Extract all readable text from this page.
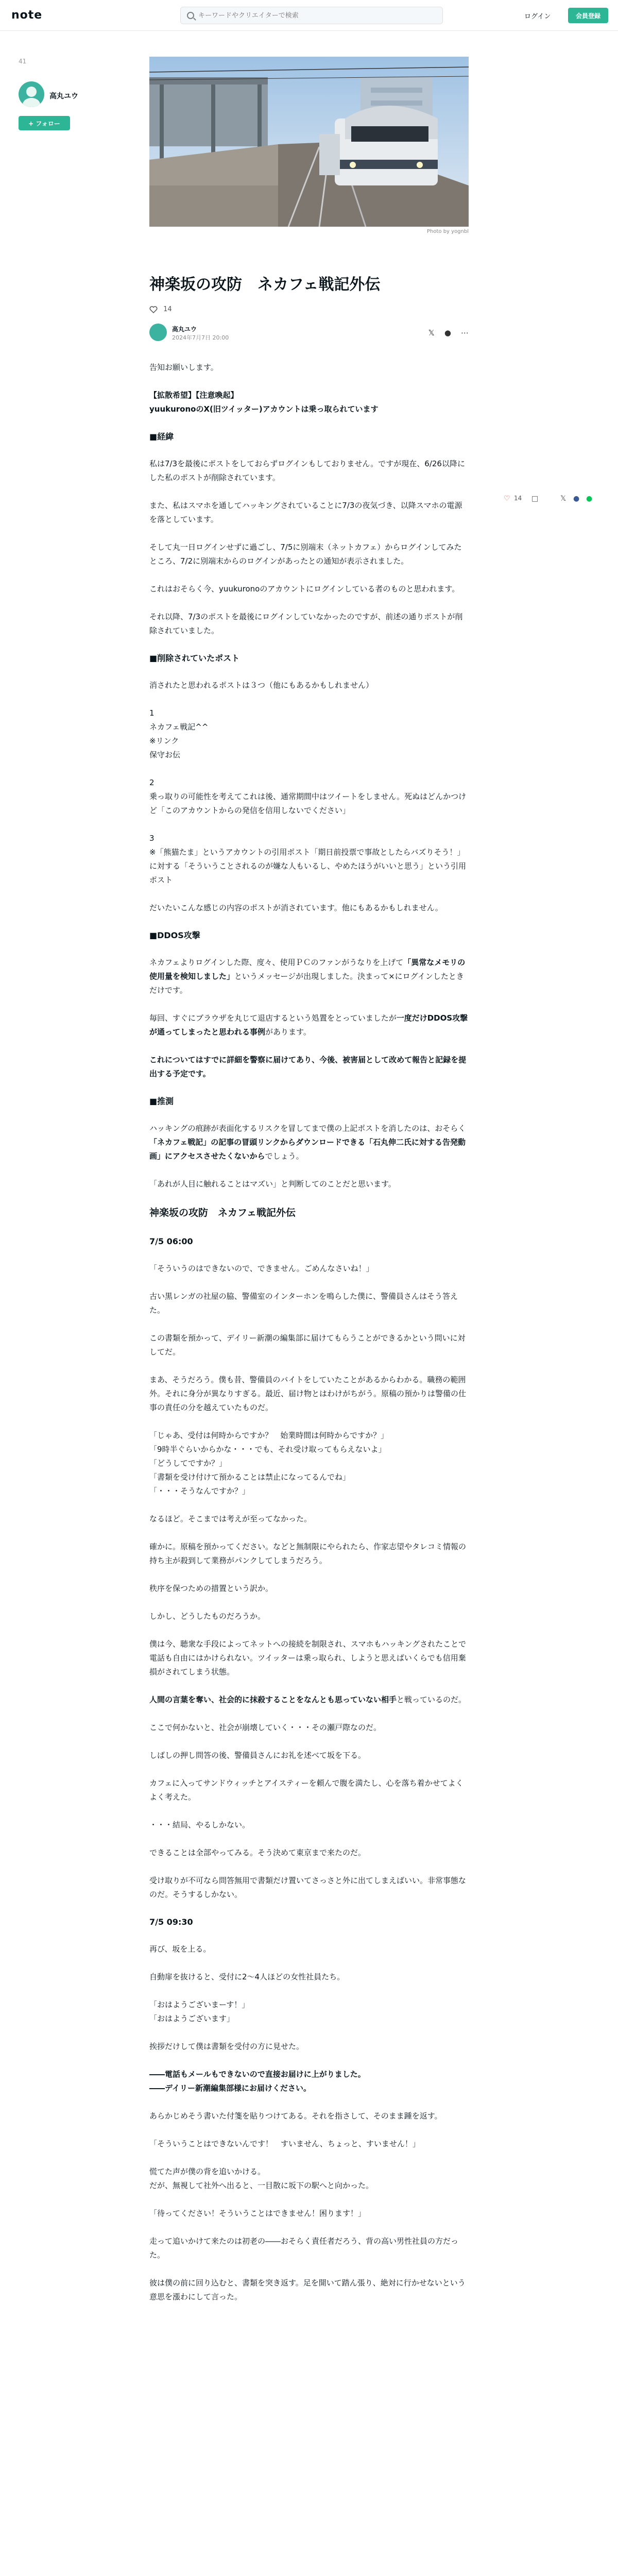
note
キーワードやクリエイターで検索	ログイン	会員登録
41
高丸ユウ
+ フォロー
Photo by yognbl
神楽坂の攻防　ネカフェ戦記外伝
14
高丸ユウ
2024年7月7日 20:00
𝕏 ● ⋯
♡ 14 □	𝕏 ● ●

告知お願いします。

【拡散希望】【注意喚起】
yuukuronoのX(旧ツイッター)アカウントは乗っ取られています

■経緯

私は7/3を最後にポストをしておらずログインもしておりません。ですが現在、6/26以降にした私のポストが削除されています。

また、私はスマホを通してハッキングされていることに7/3の夜気づき、以降スマホの電源を落としています。

そして丸一日ログインせずに過ごし、7/5に別端末（ネットカフェ）からログインしてみたところ、7/2に別端末からのログインがあったとの通知が表示されました。

これはおそらく今、yuukuronoのアカウントにログインしている者のものと思われます。

それ以降、7/3のポストを最後にログインしていなかったのですが、前述の通りポストが削除されていました。

■削除されていたポスト

消されたと思われるポストは３つ（他にもあるかもしれません）

1

ネカフェ戦記^^

※リンク

保守お伝

2

乗っ取りの可能性を考えてこれは後、通常期間中はツイートをしません。死ぬはどんかつけど「このアカウントからの発信を信用しないでください」

3

※「熊猫たま」というアカウントの引用ポスト「期日前投票で事故としたらバズりそう！」に対する「そういうことされるのが嫌な人もいるし、やめたほうがいいと思う」という引用ポスト

だいたいこんな感じの内容のポストが消されています。他にもあるかもしれません。

■DDOS攻撃

ネカフェよりログインした際、度々、使用ＰＣのファンがうなりを上げて「異常なメモリの使用量を検知しました」というメッセージが出現しました。決まって×にログインしたときだけです。

毎回、すぐにブラウザを丸じて退店するという処置をとっていましたが一度だけDDOS攻撃が通ってしまったと思われる事例があります。

これについてはすでに詳細を警察に届けてあり、今後、被害届として改めて報告と記録を提出する予定です。

■推測

ハッキングの痕跡が表面化するリスクを冒してまで僕の上記ポストを消したのは、おそらく「ネカフェ戦記」の記事の冒頭リンクからダウンロードできる「石丸伸二氏に対する告発動画」にアクセスさせたくないからでしょう。

「あれが人目に触れることはマズい」と判断してのことだと思います。

神楽坂の攻防　ネカフェ戦記外伝
7/5 06:00

「そういうのはできないので、できません。ごめんなさいね！」

古い黒レンガの社屋の脇、警備室のインターホンを鳴らした僕に、警備員さんはそう答えた。

この書類を預かって、デイリー新潮の編集部に届けてもらうことができるかという問いに対してだ。

まあ、そうだろう。僕も昔、警備員のバイトをしていたことがあるからわかる。職務の範囲外。それに身分が異なりすぎる。最近、届け物とはわけがちがう。原稿の預かりは警備の仕事の責任の分を越えていたものだ。

「じゃあ、受付は何時からですか？　始業時間は何時からですか？」

「9時半ぐらいからかな・・・でも、それ受け取ってもらえないよ」

「どうしてですか？」

「書類を受け付けて預かることは禁止になってるんでね」

「・・・そうなんですか？」

なるほど。そこまでは考えが至ってなかった。

確かに。原稿を預かってください。などと無制限にやられたら、作家志望やタレコミ情報の持ち主が殺到して業務がパンクしてしまうだろう。

秩序を保つための措置という訳か。

しかし、どうしたものだろうか。

僕は今、聴衆な手段によってネットへの接続を制限され、スマホもハッキングされたことで電話も自由にはかけられない。ツイッターは乗っ取られ、しようと思えばいくらでも信用棄損がされてしまう状態。

人間の言葉を奪い、社会的に抹殺することをなんとも思っていない相手と戦っているのだ。

ここで何かないと、社会が崩壊していく・・・その瀬戸際なのだ。

しばしの押し問答の後、警備員さんにお礼を述べて坂を下る。

カフェに入ってサンドウィッチとアイスティーを頼んで腹を満たし、心を落ち着かせてよくよく考えた。

・・・結局、やるしかない。

できることは全部やってみる。そう決めて東京まで来たのだ。

受け取りが不可なら問答無用で書類だけ置いてさっさと外に出てしまえばいい。非常事態なのだ。そうするしかない。

7/5 09:30

再び、坂を上る。

自動扉を抜けると、受付に2〜4人ほどの女性社員たち。

「おはようございまーす！」

「おはようございます」

挨拶だけして僕は書類を受付の方に見せた。

――電話もメールもできないので直接お届けに上がりました。

――デイリー新潮編集部様にお届けください。

あらかじめそう書いた付箋を貼りつけてある。それを指さして、そのまま踵を返す。

「そういうことはできないんです！　すいません、ちょっと、すいません！」

慌てた声が僕の背を追いかける。

だが、無視して社外へ出ると、一目散に坂下の駅へと向かった。

「待ってください！そういうことはできません！困ります！」

走って追いかけて来たのは初老の――おそらく責任者だろう、背の高い男性社員の方だった。

彼は僕の前に回り込むと、書類を突き返す。足を開いて踏ん張り、絶対に行かせないという意思を漲わにして言った。
